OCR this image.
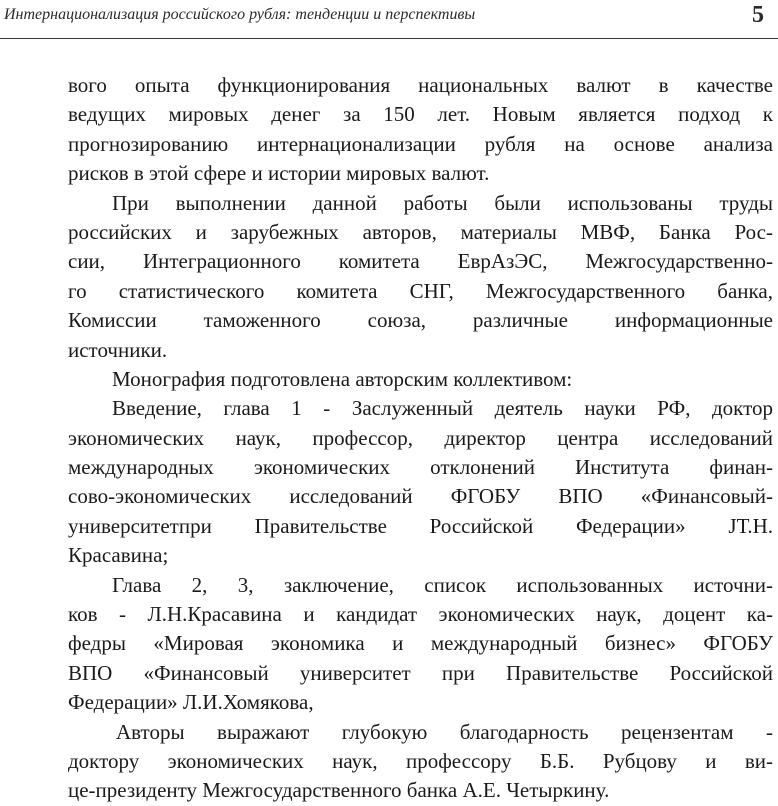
Интернационализация российского рубля: тенденции и перспективы	5
вого опыта функционирования национальных валют в качестве
ведущих мировых денег за 150 лет. Новым является подход к
прогнозированию интернационализации рубля на основе анализа
рисков в этой сфере и истории мировых валют.
При выполнении данной работы были использованы труды
российских и зарубежных авторов, материалы МВФ, Банка Рос-
сии, Интеграционного комитета ЕврАзЭС, Межгосударственно-
го статистического комитета СНГ, Межгосударственного банка,
Комиссии таможенного союза, различные информационные
источники.
Монография подготовлена авторским коллективом:
Введение, глава 1 - Заслуженный деятель науки РФ, доктор
экономических наук, профессор, директор центра исследований
международных экономических отклонений Института финан-
сово-экономических исследований ФГОБУ ВПО «Финансовый-
университетпри Правительстве Российской Федерации» JТ.Н.
Красавина;
Глава 2, 3, заключение, список использованных источни-
ков - Л.Н.Красавина и кандидат экономических наук, доцент ка-
федры «Мировая экономика и международный бизнес» ФГОБУ
ВПО «Финансовый университет при Правительстве Российской
Федерации» Л.И.Хомякова,
Авторы выражают глубокую благодарность рецензентам -
доктору экономических наук, профессору Б.Б. Рубцову и ви-
це-президенту Межгосударственного банка А.Е. Четыркину.
